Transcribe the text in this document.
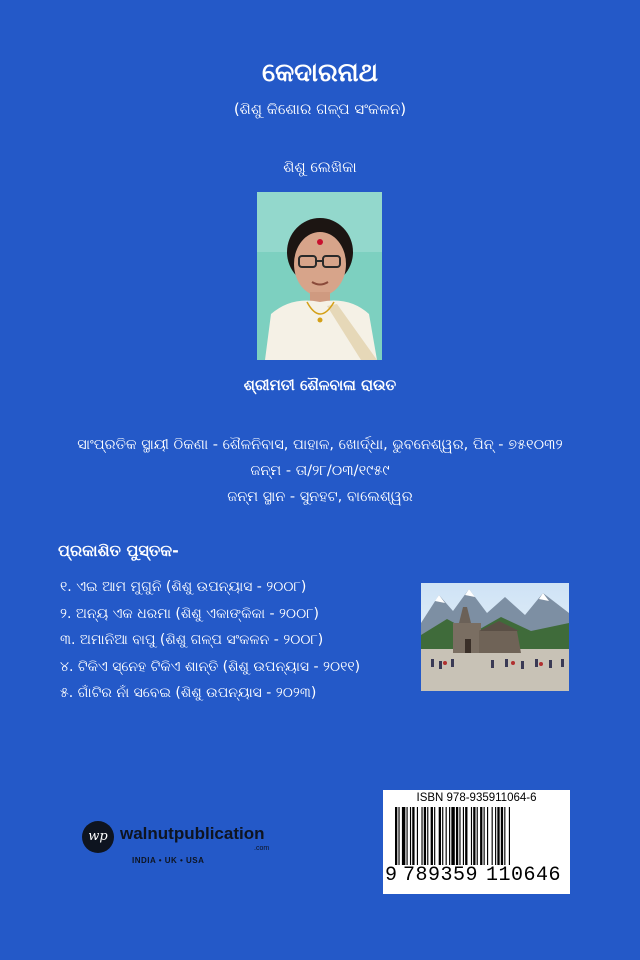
କେଦାରନାଥ
(ଶିଶୁ କିଶୋର ଗଳ୍ପ ସଂକଳନ)
ଶିଶୁ ଲେଖିକା
ଶ୍ରୀମତୀ ଶୈଳବାଳା ରାଉତ
ସାଂପ୍ରତିକ ସ୍ଥାୟୀ ଠିକଣା - ଶୈଳନିବାସ, ପାହାଳ, ଖୋର୍ଦ୍ଧା, ଭୁବନେଶ୍ୱର, ପିନ୍ - ୭୫୧୦୩୨
ଜନ୍ମ - ତା/୨୮/୦୩/୧୯୫୯
ଜନ୍ମ ସ୍ଥାନ - ସୁନହଟ, ବାଲେଶ୍ୱର
ପ୍ରକାଶିତ ପୁସ୍ତକ-
୧. ଏଇ ଆମ ମୁଗୁନି (ଶିଶୁ ଉପନ୍ୟାସ - ୨୦୦୮)
୨. ଅନ୍ୟ ଏକ ଧରମା (ଶିଶୁ ଏକାଙ୍କିକା - ୨୦୦୮)
୩. ଅମାନିଆ ବାପୁ (ଶିଶୁ ଗଳ୍ପ ସଂକଳନ - ୨୦୦୮)
୪. ଟିକିଏ ସ୍ନେହ ଟିକିଏ ଶାନ୍ତି (ଶିଶୁ ଉପନ୍ୟାସ - ୨୦୧୧)
୫. ଗାଁଟିର ନାଁ ସବେଇ (ଶିଶୁ ଉପନ୍ୟାସ - ୨୦୨୩)
ISBN 978-935911064-6
9 789359 110646
wp walnutpublication
.com
INDIA • UK • USA
